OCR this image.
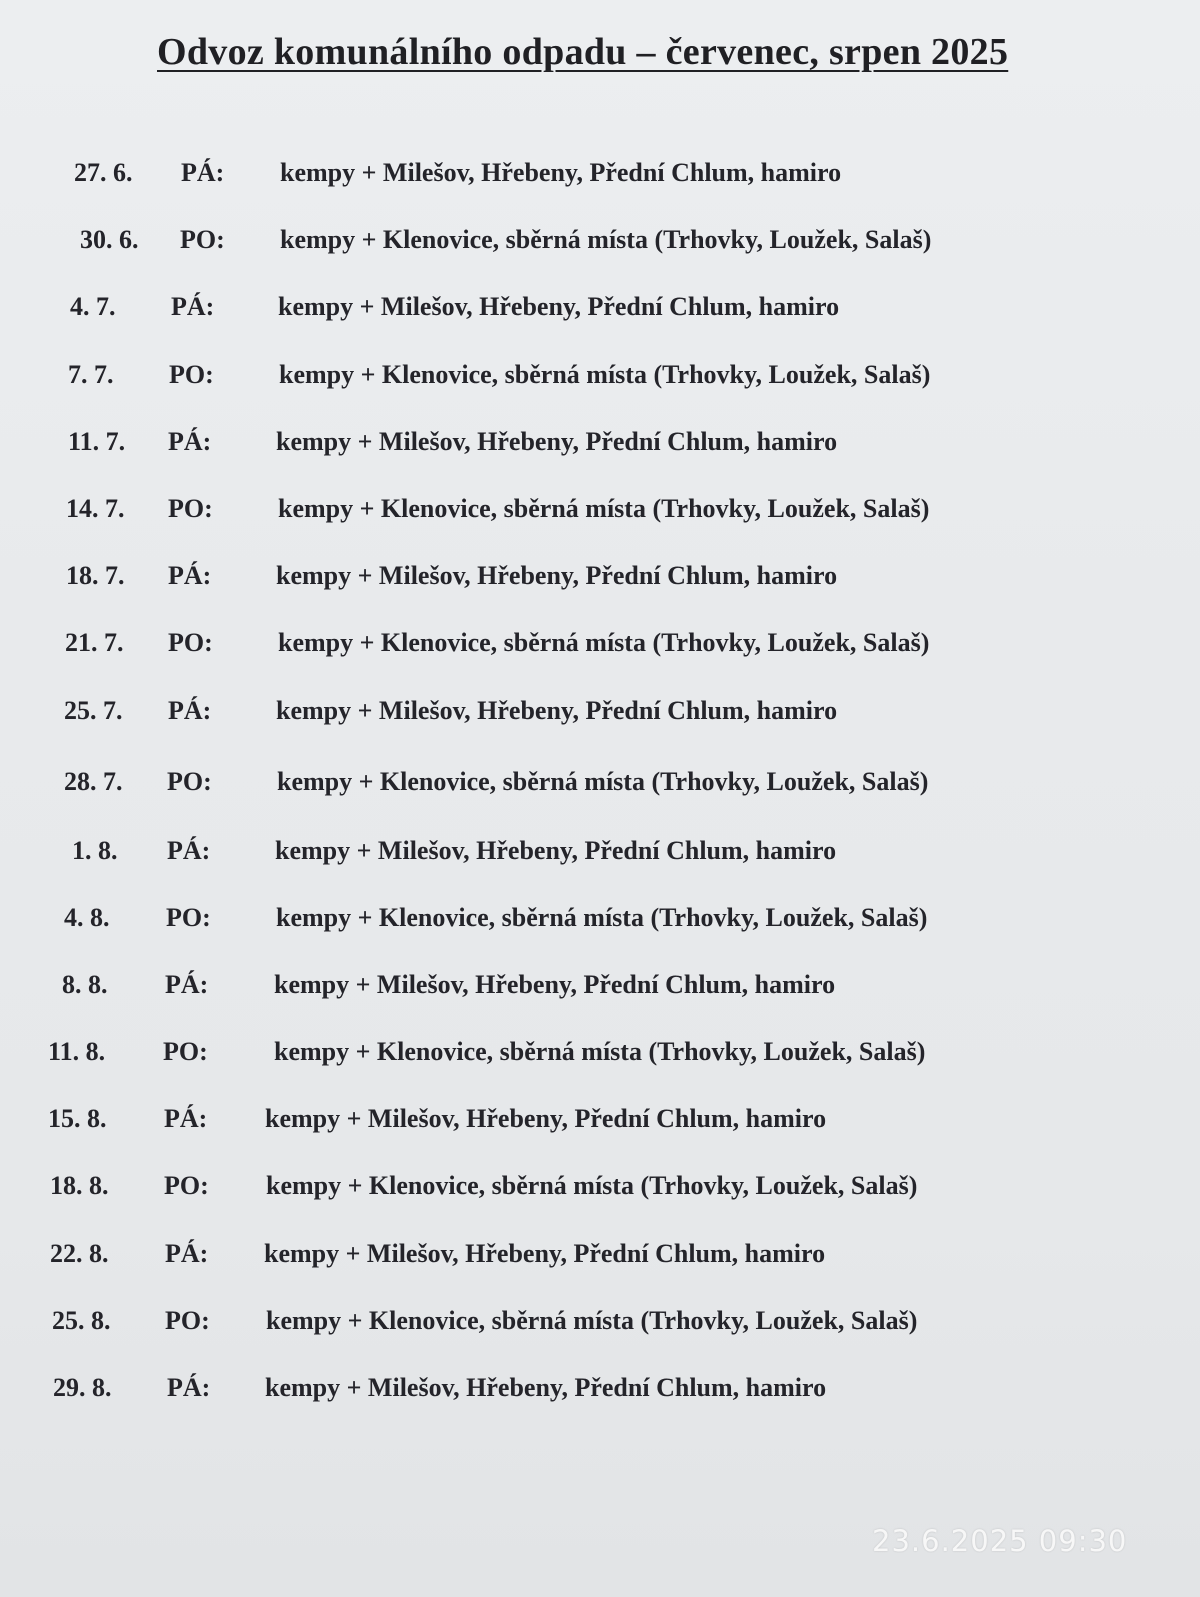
Odvoz komunálního odpadu – červenec, srpen 2025
27. 6. PÁ: kempy + Milešov, Hřebeny, Přední Chlum, hamiro
30. 6. PO: kempy + Klenovice, sběrná místa (Trhovky, Loužek, Salaš)
4. 7. PÁ: kempy + Milešov, Hřebeny, Přední Chlum, hamiro
7. 7. PO:	kempy + Klenovice, sběrná místa (Trhovky, Loužek, Salaš)
11. 7. PÁ: kempy + Milešov, Hřebeny, Přední Chlum, hamiro
14. 7. PO:	kempy + Klenovice, sběrná místa (Trhovky, Loužek, Salaš)
18. 7. PÁ: kempy + Milešov, Hřebeny, Přední Chlum, hamiro
21. 7. PO:	kempy + Klenovice, sběrná místa (Trhovky, Loužek, Salaš)
25. 7. PÁ: kempy + Milešov, Hřebeny, Přední Chlum, hamiro
28. 7. PO:	kempy + Klenovice, sběrná místa (Trhovky, Loužek, Salaš)
1. 8. PÁ: kempy + Milešov, Hřebeny, Přední Chlum, hamiro
4. 8. PO:	kempy + Klenovice, sběrná místa (Trhovky, Loužek, Salaš)
8. 8. PÁ:	kempy + Milešov, Hřebeny, Přední Chlum, hamiro
11. 8. PO:	kempy + Klenovice, sběrná místa (Trhovky, Loužek, Salaš)
15. 8. PÁ: kempy + Milešov, Hřebeny, Přední Chlum, hamiro
18. 8. PO: kempy + Klenovice, sběrná místa (Trhovky, Loužek, Salaš)
22. 8. PÁ: kempy + Milešov, Hřebeny, Přední Chlum, hamiro
25. 8. PO: kempy + Klenovice, sběrná místa (Trhovky, Loužek, Salaš)
29. 8. PÁ: kempy + Milešov, Hřebeny, Přední Chlum, hamiro
23.6.2025 09:30
